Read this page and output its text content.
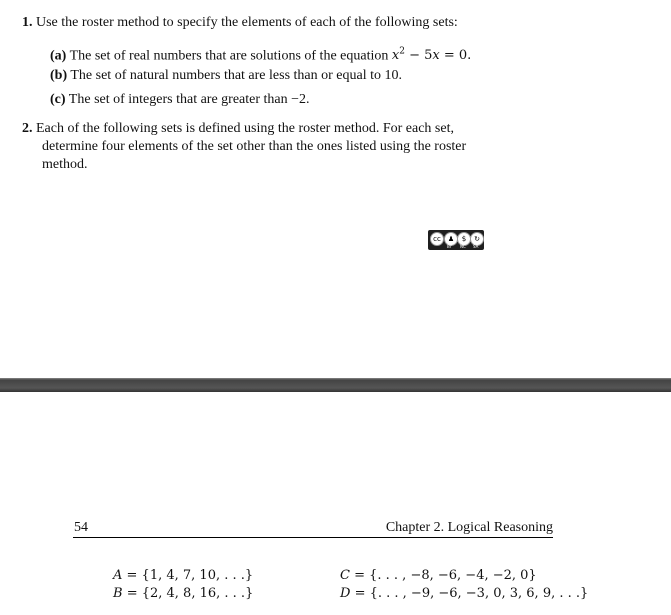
1. Use the roster method to specify the elements of each of the following sets:
(a) The set of real numbers that are solutions of the equation $x^2 - 5x = 0$.
(b) The set of natural numbers that are less than or equal to 10.
(c) The set of integers that are greater than −2.
2. Each of the following sets is defined using the roster method. For each set,
determine four elements of the set other than the ones listed using the roster
method.
cc	♟	$	↻
BY NC SA
54	Chapter 2. Logical Reasoning
A = {1, 4, 7, 10, . . .}
B = {2, 4, 8, 16, . . .}
C = {. . . , −8, −6, −4, −2, 0}
D = {. . . , −9, −6, −3, 0, 3, 6, 9, . . .}
